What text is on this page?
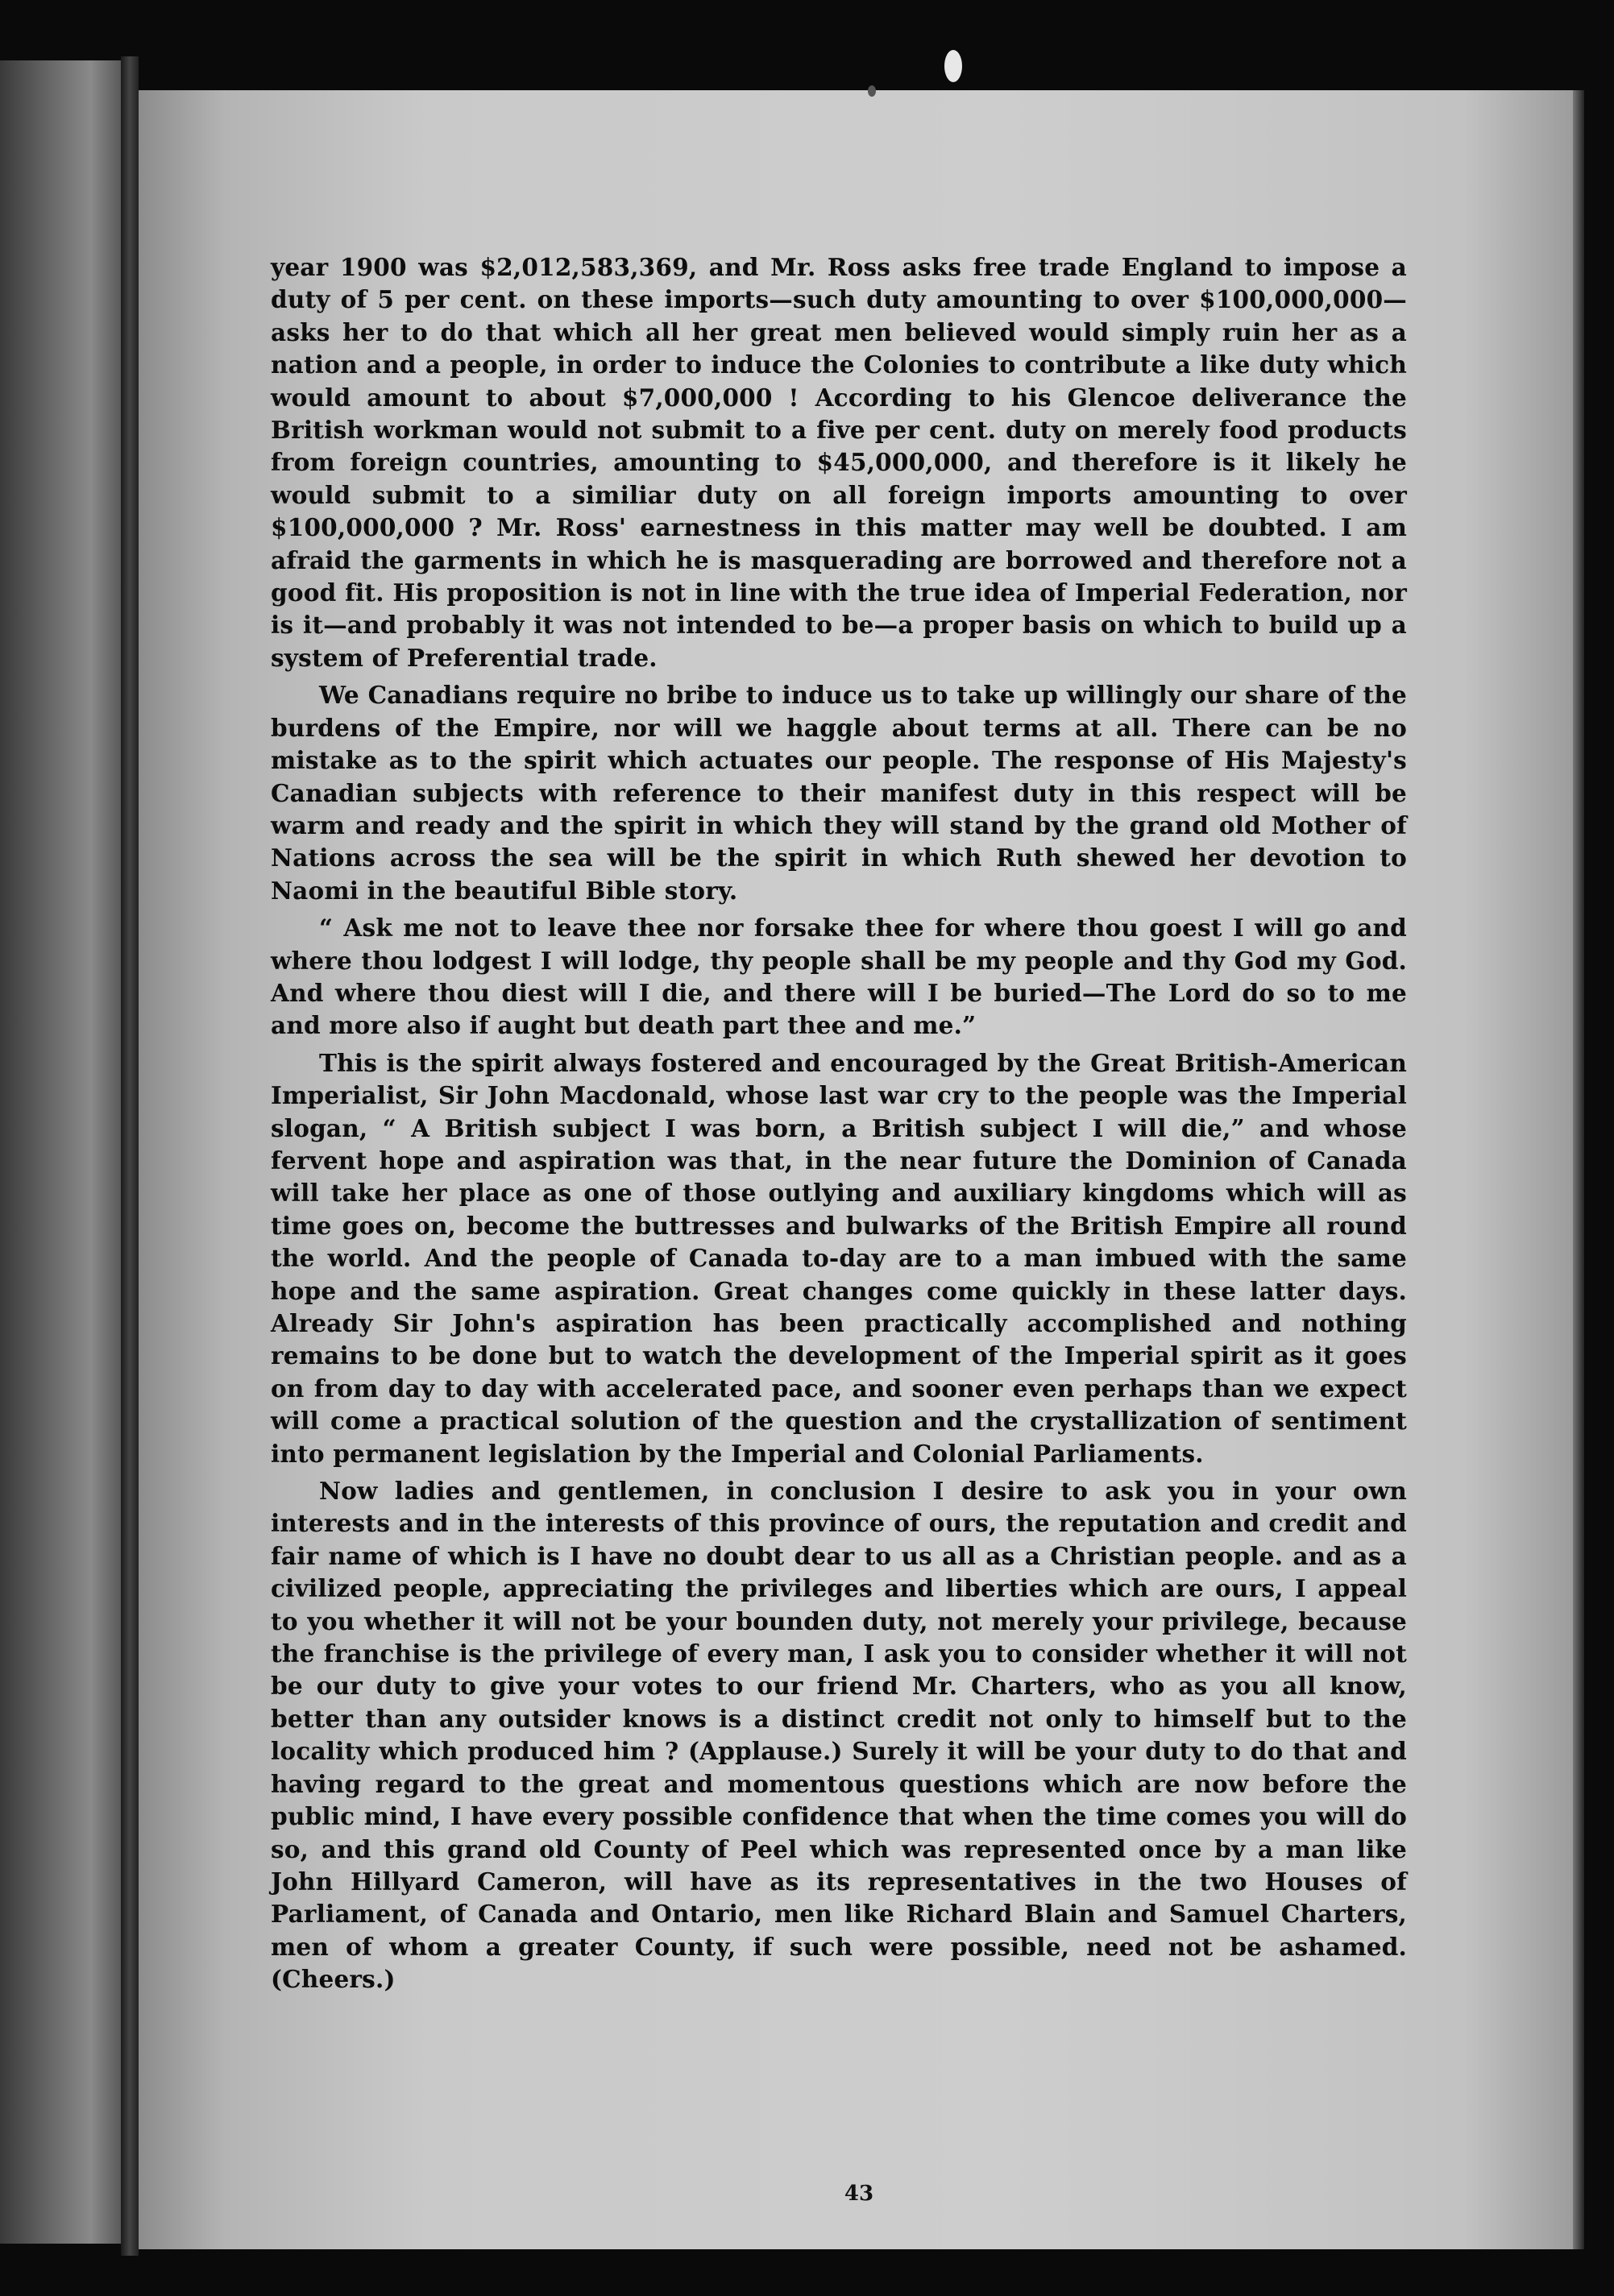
year 1900 was $2,012,583,369, and Mr. Ross asks free trade England to impose a duty of 5 per cent. on these imports—such duty amounting to over $100,000,000—asks her to do that which all her great men believed would simply ruin her as a nation and a people, in order to induce the Colonies to contribute a like duty which would amount to about $7,000,000 ! According to his Glencoe deliverance the British workman would not submit to a five per cent. duty on merely food products from foreign countries, amounting to $45,000,000, and therefore is it likely he would submit to a similiar duty on all foreign imports amounting to over $100,000,000 ? Mr. Ross' earnestness in this matter may well be doubted. I am afraid the garments in which he is masquerading are borrowed and therefore not a good fit. His proposition is not in line with the true idea of Imperial Federation, nor is it—and probably it was not intended to be—a proper basis on which to build up a system of Preferential trade.

We Canadians require no bribe to induce us to take up willingly our share of the burdens of the Empire, nor will we haggle about terms at all. There can be no mistake as to the spirit which actuates our people. The response of His Majesty's Canadian subjects with reference to their manifest duty in this respect will be warm and ready and the spirit in which they will stand by the grand old Mother of Nations across the sea will be the spirit in which Ruth shewed her devotion to Naomi in the beautiful Bible story.

“ Ask me not to leave thee nor forsake thee for where thou goest I will go and where thou lodgest I will lodge, thy people shall be my people and thy God my God. And where thou diest will I die, and there will I be buried—The Lord do so to me and more also if aught but death part thee and me.”

This is the spirit always fostered and encouraged by the Great British-American Imperialist, Sir John Macdonald, whose last war cry to the people was the Imperial slogan, “ A British subject I was born, a British subject I will die,” and whose fervent hope and aspiration was that, in the near future the Dominion of Canada will take her place as one of those outlying and auxiliary kingdoms which will as time goes on, become the buttresses and bulwarks of the British Empire all round the world. And the people of Canada to-day are to a man imbued with the same hope and the same aspiration. Great changes come quickly in these latter days. Already Sir John's aspiration has been practically accomplished and nothing remains to be done but to watch the development of the Imperial spirit as it goes on from day to day with accelerated pace, and sooner even perhaps than we expect will come a practical solution of the question and the crystallization of sentiment into permanent legislation by the Imperial and Colonial Parliaments.

Now ladies and gentlemen, in conclusion I desire to ask you in your own interests and in the interests of this province of ours, the reputation and credit and fair name of which is I have no doubt dear to us all as a Christian people. and as a civilized people, appreciating the privileges and liberties which are ours, I appeal to you whether it will not be your bounden duty, not merely your privilege, because the franchise is the privilege of every man, I ask you to consider whether it will not be our duty to give your votes to our friend Mr. Charters, who as you all know, better than any outsider knows is a distinct credit not only to himself but to the locality which produced him ? (Applause.) Surely it will be your duty to do that and having regard to the great and momentous questions which are now before the public mind, I have every possible confidence that when the time comes you will do so, and this grand old County of Peel which was represented once by a man like John Hillyard Cameron, will have as its representatives in the two Houses of Parliament, of Canada and Ontario, men like Richard Blain and Samuel Charters, men of whom a greater County, if such were possible, need not be ashamed. (Cheers.)

43
